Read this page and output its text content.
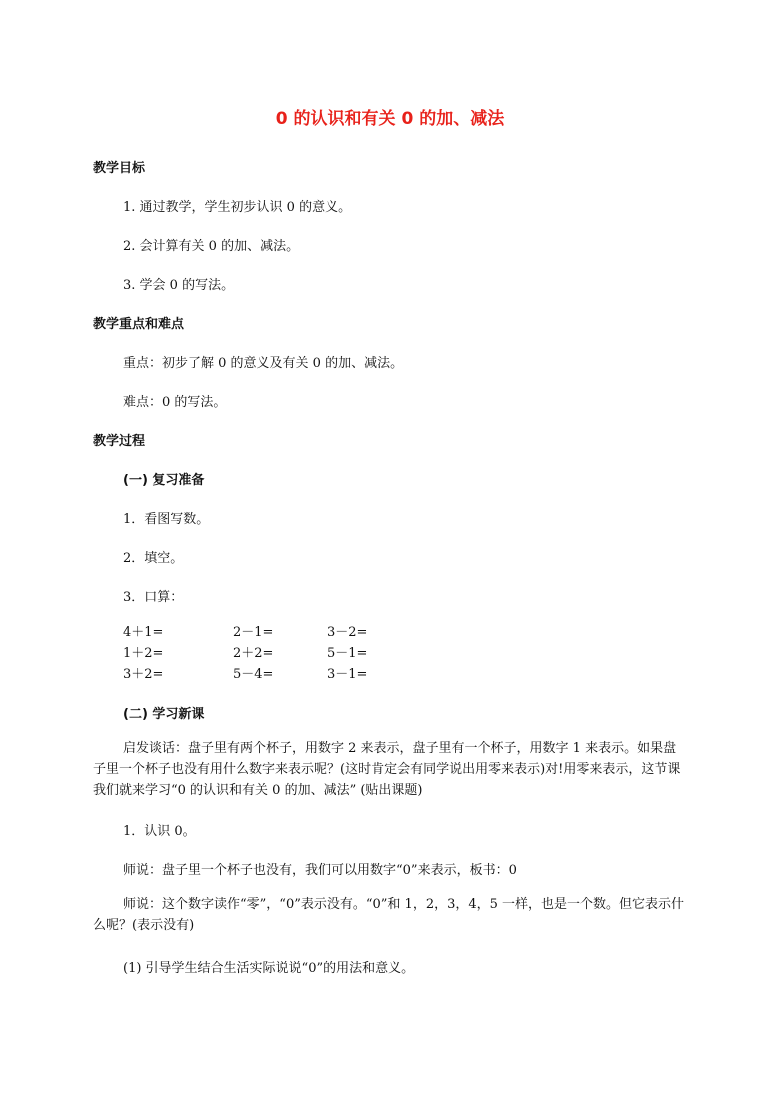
0 的认识和有关 0 的加、减法
教学目标
1. 通过教学，学生初步认识 0 的意义。
2. 会计算有关 0 的加、减法。
3. 学会 0 的写法。
教学重点和难点
重点：初步了解 0 的意义及有关 0 的加、减法。
难点：0 的写法。
教学过程
(一) 复习准备
1．看图写数。
2．填空。
3．口算：
4＋1=	2－1=	3－2=
1＋2=	2＋2=	5－1=
3＋2=	5－4=	3－1=
(二) 学习新课
启发谈话：盘子里有两个杯子，用数字 2 来表示，盘子里有一个杯子，用数字 1 来表示。如果盘子里一个杯子也没有用什么数字来表示呢？(这时肯定会有同学说出用零来表示)对!用零来表示，这节课我们就来学习“0 的认识和有关 0 的加、减法” (贴出课题)
1．认识 0。
师说：盘子里一个杯子也没有，我们可以用数字“0”来表示，板书：0
师说：这个数字读作“零”，“0”表示没有。“0”和 1，2，3，4，5 一样，也是一个数。但它表示什么呢？(表示没有)
(1) 引导学生结合生活实际说说“0”的用法和意义。
